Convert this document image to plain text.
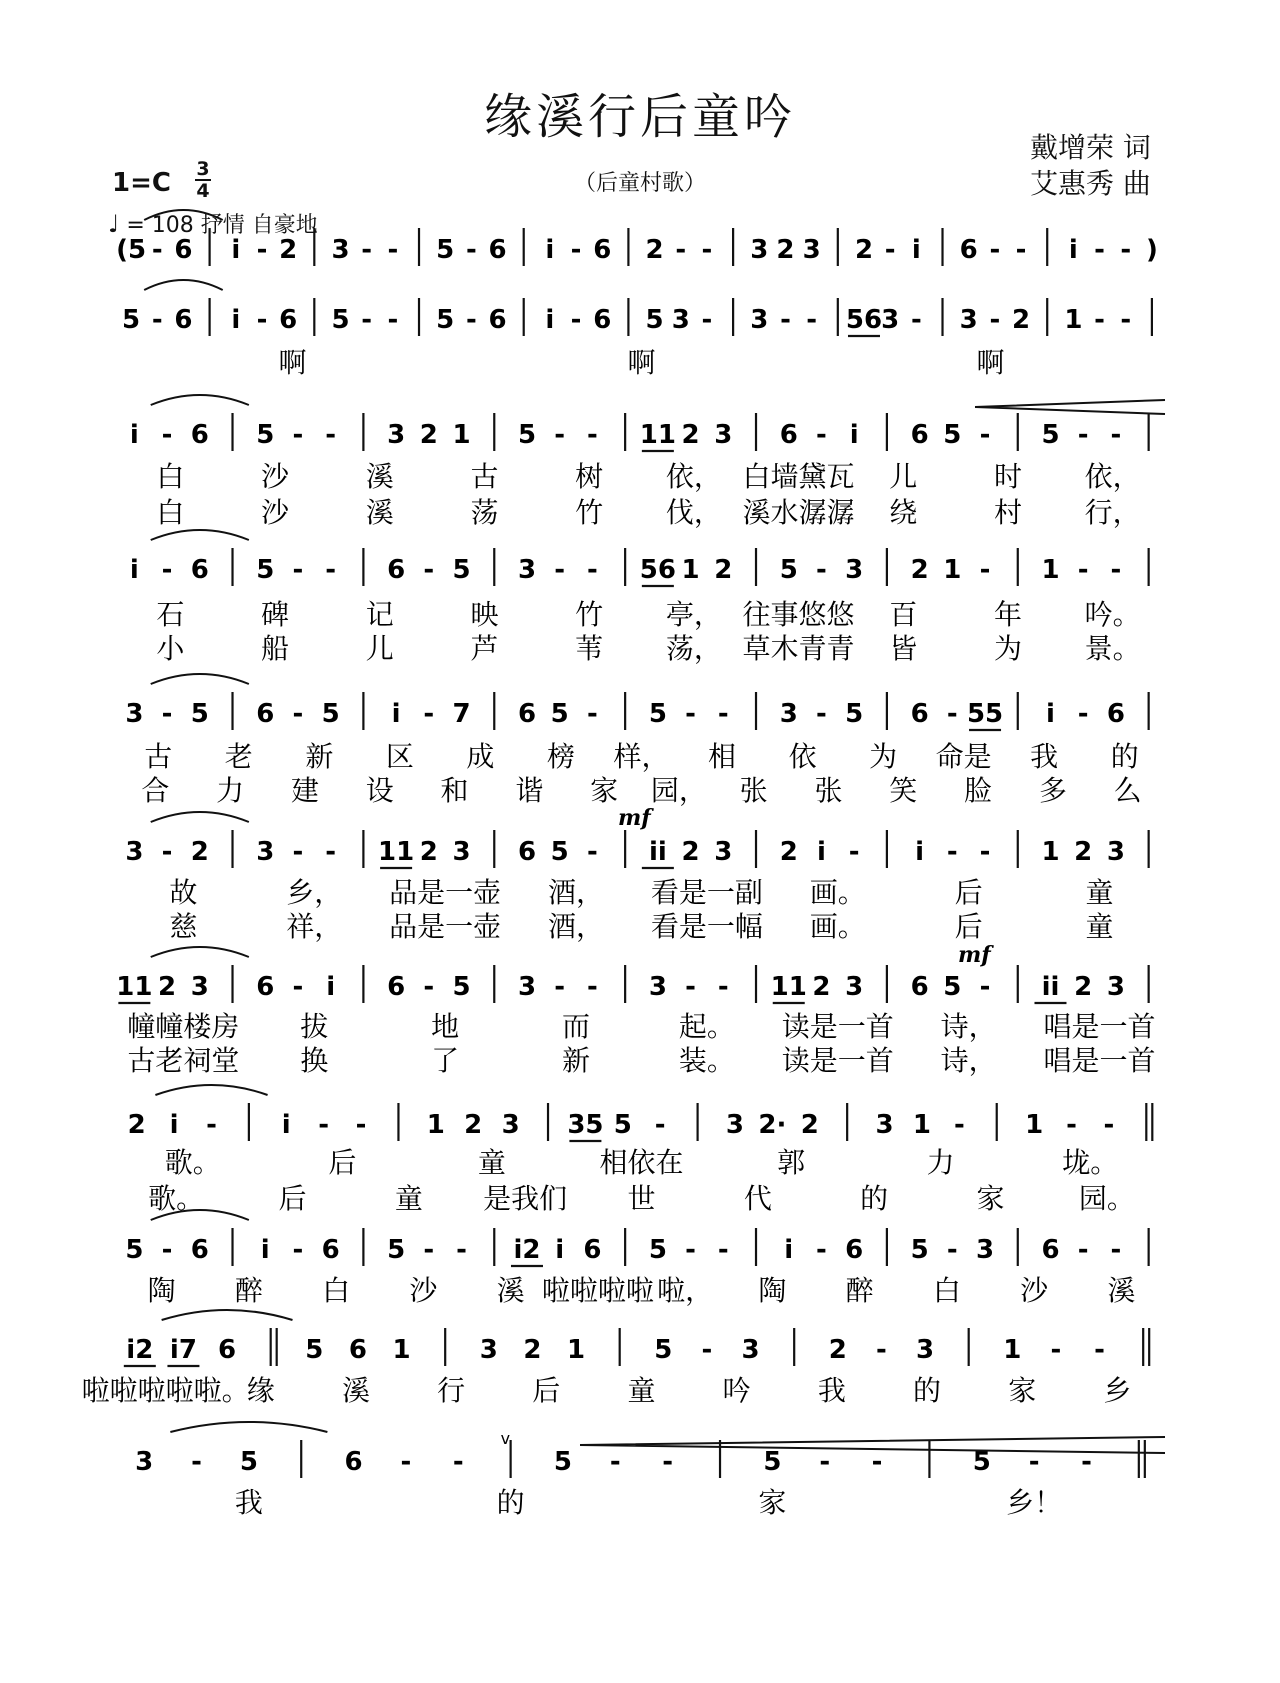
缘溪行后童吟
（后童村歌）
戴增荣 词
艾惠秀 曲
1=C 3
4
♩ = 108 抒情 自豪地
(5 - 6 i - 2 3 - - 5 - 6 i - 6 2 - - 3 2 3 2 - i 6 - - i - - )
5 - 6 i - 6 5 - - 5 - 6 i - 6 5 3 - 3 - - 56 3 - 3 - 2 1 - -
啊	啊	啊
i - 6 5 - - 3 2 1 5 - - 11 2 3 6 - i 6 5 - 5 - -
白	沙	溪	古	树 依， 白墙黛瓦 儿	时 依，
白	沙	溪	荡	竹 伐， 溪水潺潺 绕	村 行，
i - 6 5 - - 6 - 5 3 - - 56 1 2 5 - 3 2 1 - 1 - -
石	碑	记	映	竹 亭， 往事悠悠 百	年 吟。
小	船	儿	芦	苇 荡， 草木青青 皆	为 景。
3 - 5 6 - 5 i - 7 6 5 - 5 - - 3 - 5 6 - 55 i - 6
古 老 新 区 成 榜 样， 相 依 为 命是 我 的
合 力 建 设 和 谐 家 园， 张 张 笑 脸 多 么
3 - 2 3 - - 11 2 3 6 5 - ii 2 3 2 i - i - - 1 2 3
故	乡， 品是一壶 酒， 看是一副 画。	后	童
慈	祥， 品是一壶 酒， 看是一幅 画。	后	童
11 2 3 6 - i 6 - 5 3 - - 3 - - 11 2 3 6 5 - ii 2 3
幢幢楼房 拔	地	而	起。 读是一首 诗， 唱是一首
古老祠堂 换	了	新	装。 读是一首 诗， 唱是一首
2 i - i - - 1 2 3 35 5 - 3 2· 2 3 1 - 1 - -
歌。	后	童	相依在	郭	力	垅。
歌。	后	童 是我们 世	代	的	家	园。
5 - 6 i - 6 5 - - i2 i 6 5 - - i - 6 5 - 3 6 - -
陶 醉 白 沙 溪 啦啦啦啦 啦， 陶 醉 白 沙 溪
i2 i7 6	5 6 1	3 2 1	5 - 3	2 - 3	1 - -
啦啦啦啦啦。
缘 溪 行 后 童 吟 我 的 家 乡
3 - 5	6 - -
v
5 - -	5 - -	5 - -
我	的	家	乡！
mf
mf
